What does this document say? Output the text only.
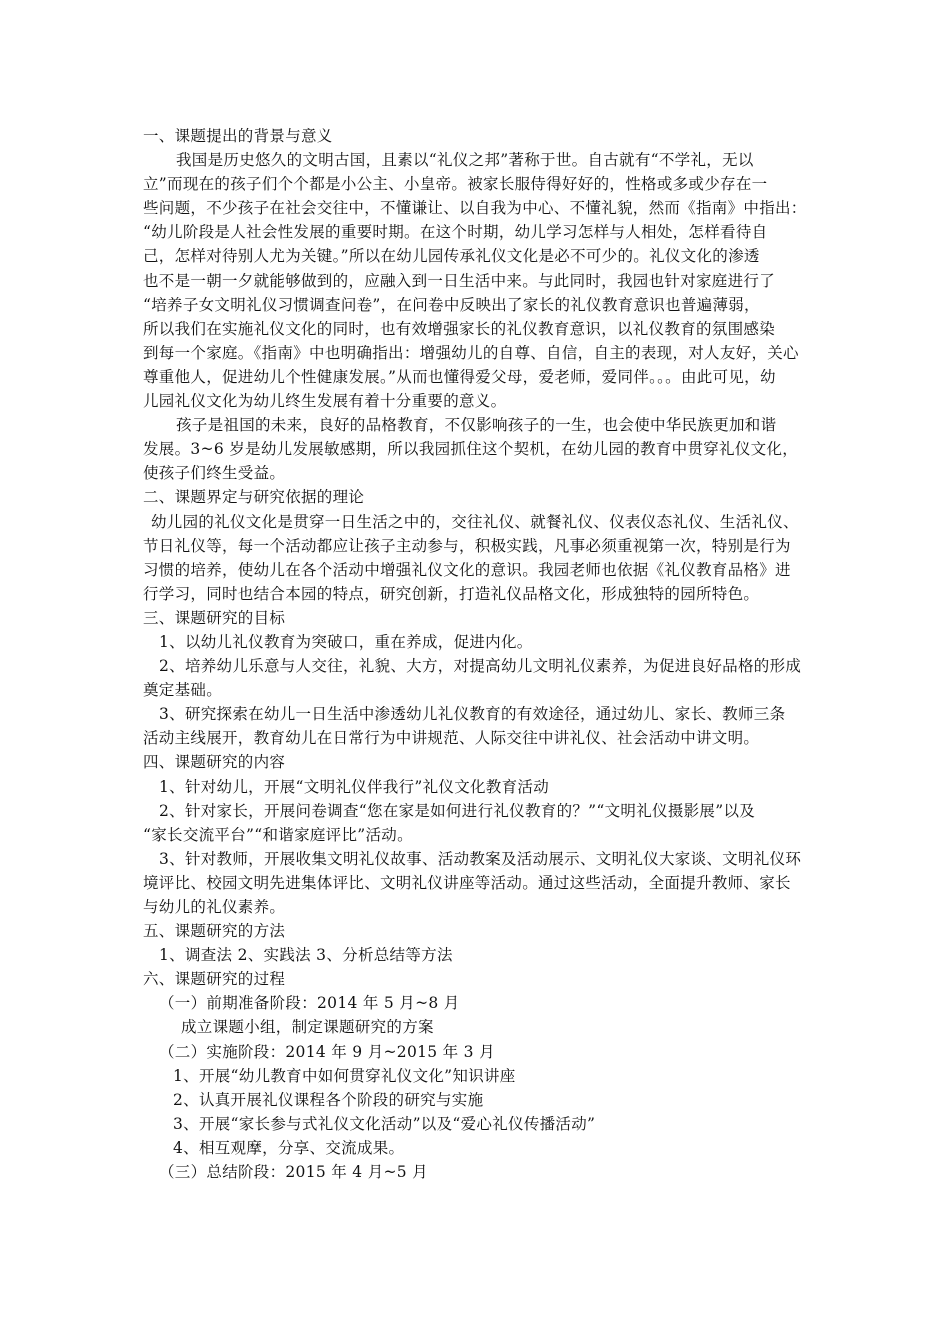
一、课题提出的背景与意义
我国是历史悠久的文明古国，且素以“礼仪之邦”著称于世。自古就有“不学礼，无以
立”而现在的孩子们个个都是小公主、小皇帝。被家长服侍得好好的，性格或多或少存在一
些问题，不少孩子在社会交往中，不懂谦让、以自我为中心、不懂礼貌，然而《指南》中指出：
“幼儿阶段是人社会性发展的重要时期。在这个时期，幼儿学习怎样与人相处，怎样看待自
己，怎样对待别人尤为关键。”所以在幼儿园传承礼仪文化是必不可少的。礼仪文化的渗透
也不是一朝一夕就能够做到的，应融入到一日生活中来。与此同时，我园也针对家庭进行了
“培养子女文明礼仪习惯调查问卷”，在问卷中反映出了家长的礼仪教育意识也普遍薄弱，
所以我们在实施礼仪文化的同时，也有效增强家长的礼仪教育意识，以礼仪教育的氛围感染
到每一个家庭。《指南》中也明确指出：增强幼儿的自尊、自信，自主的表现，对人友好，关心
尊重他人，促进幼儿个性健康发展。”从而也懂得爱父母，爱老师，爱同伴。。。由此可见，幼
儿园礼仪文化为幼儿终生发展有着十分重要的意义。
孩子是祖国的未来，良好的品格教育，不仅影响孩子的一生，也会使中华民族更加和谐
发展。3~6 岁是幼儿发展敏感期，所以我园抓住这个契机，在幼儿园的教育中贯穿礼仪文化，
使孩子们终生受益。
二、课题界定与研究依据的理论
幼儿园的礼仪文化是贯穿一日生活之中的，交往礼仪、就餐礼仪、仪表仪态礼仪、生活礼仪、
节日礼仪等，每一个活动都应让孩子主动参与，积极实践，凡事必须重视第一次，特别是行为
习惯的培养，使幼儿在各个活动中增强礼仪文化的意识。我园老师也依据《礼仪教育品格》进
行学习，同时也结合本园的特点，研究创新，打造礼仪品格文化，形成独特的园所特色。
三、课题研究的目标
1、以幼儿礼仪教育为突破口，重在养成，促进内化。
2、培养幼儿乐意与人交往，礼貌、大方，对提高幼儿文明礼仪素养，为促进良好品格的形成
奠定基础。
3、研究探索在幼儿一日生活中渗透幼儿礼仪教育的有效途径，通过幼儿、家长、教师三条
活动主线展开，教育幼儿在日常行为中讲规范、人际交往中讲礼仪、社会活动中讲文明。
四、课题研究的内容
1、针对幼儿，开展“文明礼仪伴我行”礼仪文化教育活动
2、针对家长，开展问卷调查“您在家是如何进行礼仪教育的？”“文明礼仪摄影展”以及
“家长交流平台”“和谐家庭评比”活动。
3、针对教师，开展收集文明礼仪故事、活动教案及活动展示、文明礼仪大家谈、文明礼仪环
境评比、校园文明先进集体评比、文明礼仪讲座等活动。通过这些活动，全面提升教师、家长
与幼儿的礼仪素养。
五、课题研究的方法
1、调查法 2、实践法 3、分析总结等方法
六、课题研究的过程
（一）前期准备阶段：2014 年 5 月~8 月
成立课题小组，制定课题研究的方案
（二）实施阶段：2014 年 9 月~2015 年 3 月
1、开展“幼儿教育中如何贯穿礼仪文化”知识讲座
2、认真开展礼仪课程各个阶段的研究与实施
3、开展“家长参与式礼仪文化活动”以及“爱心礼仪传播活动”
4、相互观摩，分享、交流成果。
（三）总结阶段：2015 年 4 月~5 月
